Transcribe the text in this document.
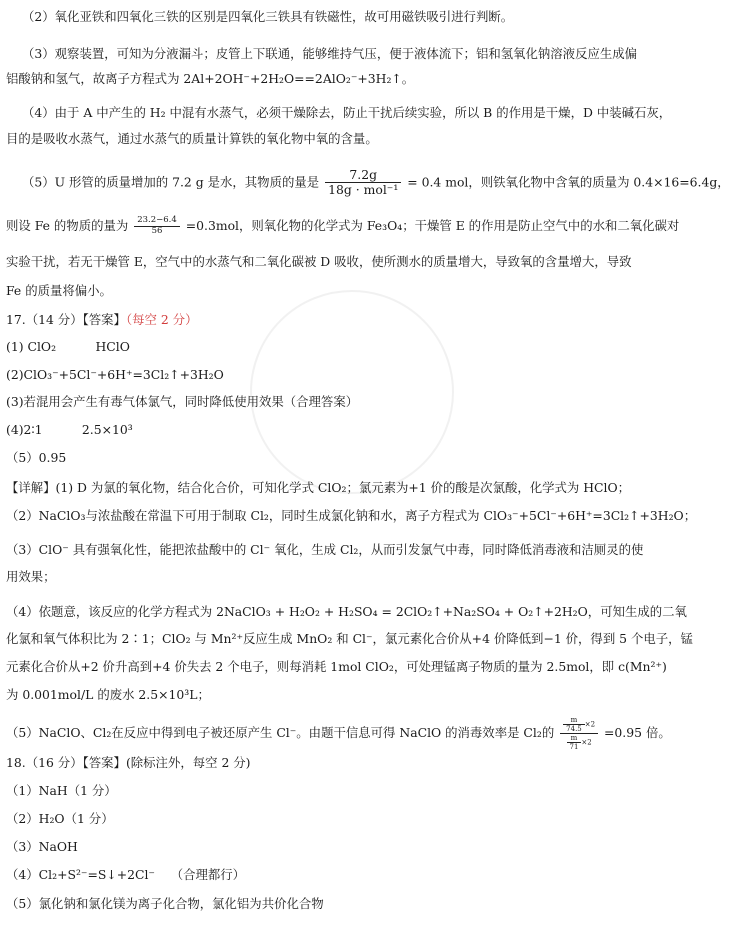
（2）氧化亚铁和四氧化三铁的区别是四氧化三铁具有铁磁性，故可用磁铁吸引进行判断。
（3）观察装置，可知为分液漏斗；皮管上下联通，能够维持气压，便于液体流下；铝和氢氧化钠溶液反应生成偏
铝酸钠和氢气，故离子方程式为 2Al+2OH⁻+2H₂O==2AlO₂⁻+3H₂↑。
（4）由于 A 中产生的 H₂ 中混有水蒸气，必须干燥除去，防止干扰后续实验，所以 B 的作用是干燥，D 中装碱石灰，
目的是吸收水蒸气，通过水蒸气的质量计算铁的氧化物中氧的含量。
（5）U 形管的质量增加的 7.2 g 是水，其物质的量是 $\frac{7.2g}{\text{18g · mol⁻¹}} = 0.4$ mol，则铁氧化物中含氧的质量为 0.4×16=6.4g，
则设 Fe 的物质的量为 $\frac{23.2-6.4}{56} =0.3mol$，则氧化物的化学式为 Fe₃O₄；干燥管 E 的作用是防止空气中的水和二氧化碳对
实验干扰，若无干燥管 E，空气中的水蒸气和二氧化碳被 D 吸收，使所测水的质量增大，导致氧的含量增大，导致
Fe 的质量将偏小。
17.（14 分）【答案】（每空 2 分）
(1) ClO₂          HClO
(2)ClO₃⁻+5Cl⁻+6H⁺=3Cl₂↑+3H₂O
(3)若混用会产生有毒气体氯气，同时降低使用效果（合理答案）
(4)2∶1          2.5×10³
（5）0.95
【详解】(1) D 为氯的氧化物，结合化合价，可知化学式 ClO₂；氯元素为+1 价的酸是次氯酸，化学式为 HClO；
（2）NaClO₃与浓盐酸在常温下可用于制取 Cl₂，同时生成氯化钠和水，离子方程式为 ClO₃⁻+5Cl⁻+6H⁺=3Cl₂↑+3H₂O；
（3）ClO⁻ 具有强氧化性，能把浓盐酸中的 Cl⁻ 氧化，生成 Cl₂，从而引发氯气中毒，同时降低消毒液和洁厕灵的使
用效果；
（4）依题意，该反应的化学方程式为 2NaClO₃ + H₂O₂ + H₂SO₄ = 2ClO₂↑+Na₂SO₄ + O₂↑+2H₂O，可知生成的二氧
化氯和氧气体积比为 2∶1；ClO₂ 与 Mn²⁺反应生成 MnO₂ 和 Cl⁻，氯元素化合价从+4 价降低到−1 价，得到 5 个电子，锰
元素化合价从+2 价升高到+4 价失去 2 个电子，则每消耗 1mol ClO₂，可处理锰离子物质的量为 2.5mol，即 c(Mn²⁺)
为 0.001mol/L 的废水 2.5×10³L；
（5）NaClO、Cl₂在反应中得到电子被还原产生 Cl⁻。由题干信息可得 NaClO 的消毒效率是 Cl₂的 $\frac{\frac{m}{74.5} \times 2}{\frac{m}{71} \times 2} =0.95$ 倍。
18.（16 分）【答案】(除标注外，每空 2 分)
（1）NaH（1 分）
（2）H₂O（1 分）
（3）NaOH
（4）Cl₂+S²⁻=S↓+2Cl⁻    （合理都行）
（5）氯化钠和氯化镁为离子化合物，氯化铝为共价化合物
